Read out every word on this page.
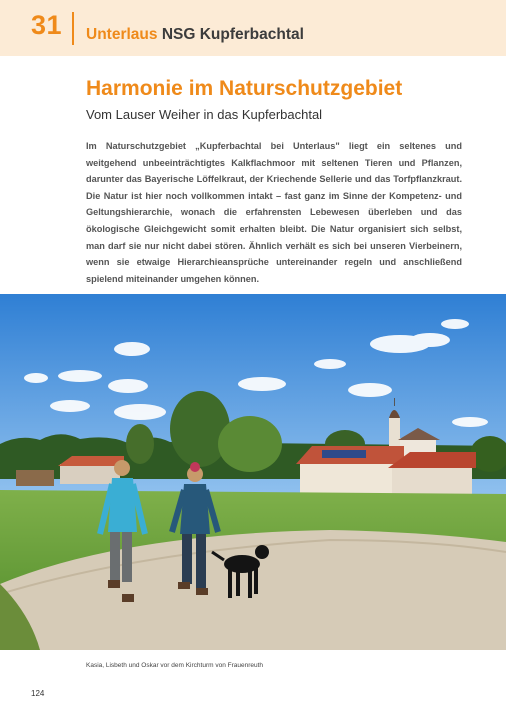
31 Unterlaus NSG Kupferbachtal
Harmonie im Naturschutzgebiet

Vom Lauser Weiher in das Kupferbachtal

Im Naturschutzgebiet „Kupferbachtal bei Unterlaus" liegt ein seltenes und weitgehend unbeeinträchtigtes Kalkflachmoor mit seltenen Tieren und Pflanzen, darunter das Bayerische Löffelkraut, der Kriechende Sellerie und das Torfpflanzkraut. Die Natur ist hier noch vollkommen intakt – fast ganz im Sinne der Kompetenz- und Geltungshierarchie, wonach die erfahrensten Lebewesen überleben und das ökologische Gleichgewicht somit erhalten bleibt. Die Natur organisiert sich selbst, man darf sie nur nicht dabei stören. Ähnlich verhält es sich bei unseren Vierbeinern, wenn sie etwaige Hierarchieansprüche untereinander regeln und anschließend spielend miteinander umgehen können.

Kasia, Lisbeth und Oskar vor dem Kirchturm von Frauenreuth

124
